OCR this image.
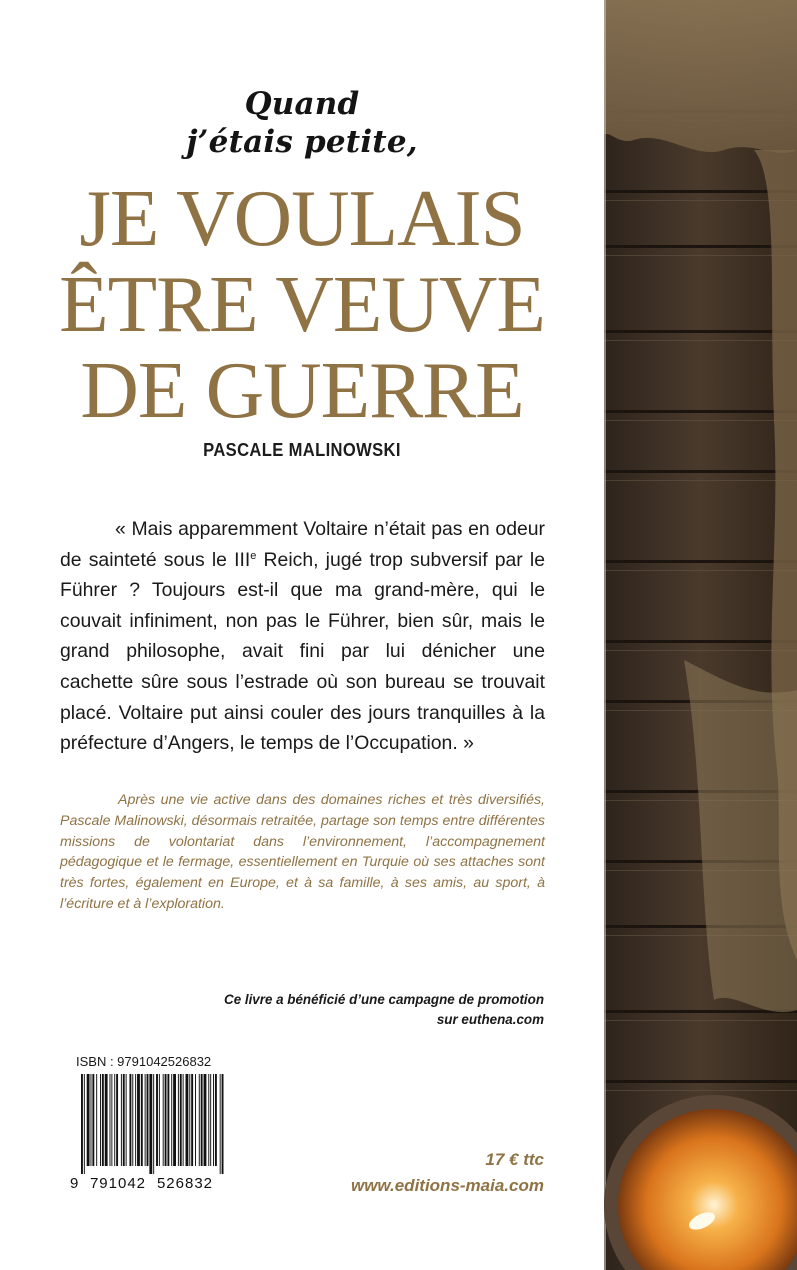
Quand
j’étais petite,
JE VOULAIS
ÊTRE VEUVE
DE GUERRE
PASCALE MALINOWSKI
« Mais apparemment Voltaire n’était pas en odeur de sainteté sous le IIIe Reich, jugé trop subversif par le Führer ? Toujours est-il que ma grand-mère, qui le couvait infiniment, non pas le Führer, bien sûr, mais le grand philosophe, avait fini par lui dénicher une cachette sûre sous l’estrade où son bureau se trouvait placé. Voltaire put ainsi couler des jours tranquilles à la préfecture d’Angers, le temps de l’Occupation. »
Après une vie active dans des domaines riches et très diversifiés, Pascale Malinowski, désormais retraitée, partage son temps entre différentes missions de volontariat dans l’environnement, l’accompagnement pédagogique et le fermage, essentiellement en Turquie où ses attaches sont très fortes, également en Europe, et à sa famille, à ses amis, au sport, à l’écriture et à l’exploration.
Ce livre a bénéficié d’une campagne de promotion
sur euthena.com
ISBN : 9791042526832
9 791042 526832
17 € ttc
www.editions-maia.com
